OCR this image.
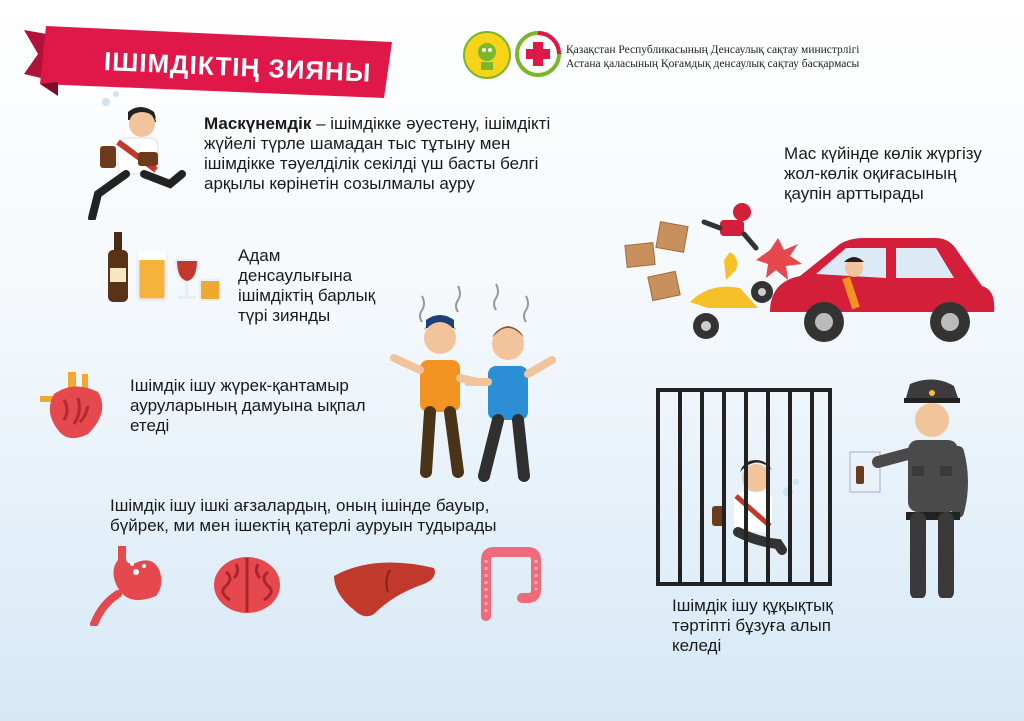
ІШІМДІКТІҢ ЗИЯНЫ	Қазақстан Республикасының Денсаулық сақтау министрлігі
Астана қаласының Қоғамдық денсаулық сақтау басқармасы
Маскүнемдік – ішімдікке әуестену, ішімдікті жүйелі түрле шамадан тыс тұтыну мен ішімдікке тәуелділік секілді үш басты белгі арқылы көрінетін созылмалы ауру
Адам денсаулығына ішімдіктің барлық түрі зиянды
Ішімдік ішу жүрек-қантамыр ауруларының дамуына ықпал етеді
Ішімдік ішу ішкі ағзалардың, оның ішінде бауыр, бүйрек, ми мен ішектің қатерлі ауруын тудырады
Мас күйінде көлік жүргізу жол-көлік оқиғасының қаупін арттырады
Ішімдік ішу құқықтық тәртіпті бұзуға алып келеді
